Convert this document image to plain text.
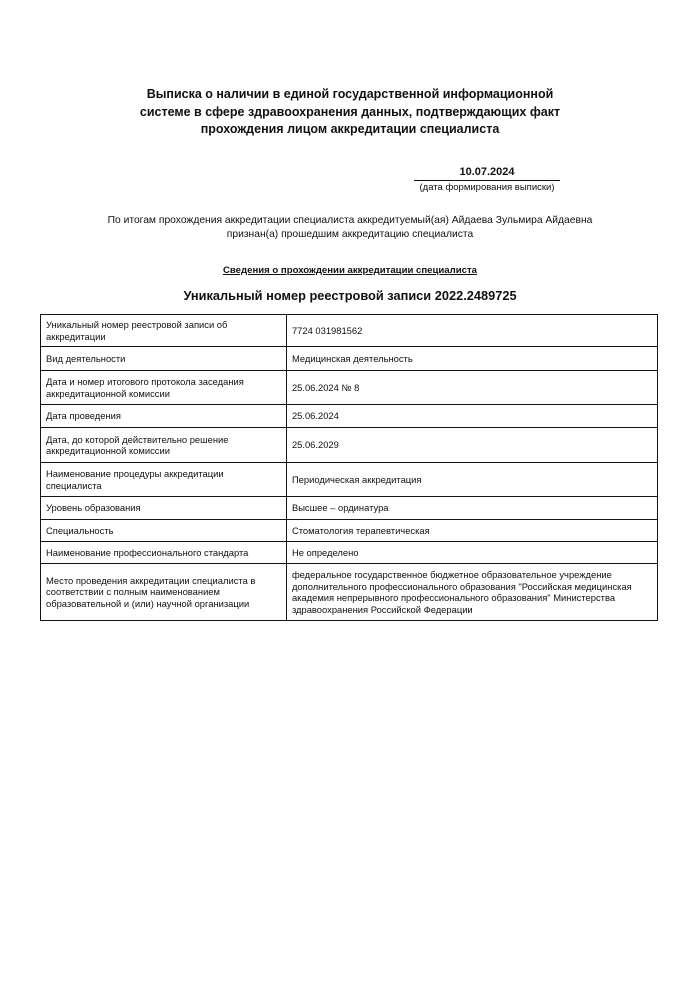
Выписка о наличии в единой государственной информационной
системе в сфере здравоохранения данных, подтверждающих факт
прохождения лицом аккредитации специалиста
10.07.2024
(дата формирования выписки)
По итогам прохождения аккредитации специалиста аккредитуемый(ая) Айдаева Зульмира Айдаевна
признан(а) прошедшим аккредитацию специалиста
Сведения о прохождении аккредитации специалиста
Уникальный номер реестровой записи 2022.2489725
Уникальный номер реестровой записи об аккредитации	7724 031981562
Вид деятельности	Медицинская деятельность
Дата и номер итогового протокола заседания аккредитационной комиссии	25.06.2024 № 8
Дата проведения	25.06.2024
Дата, до которой действительно решение аккредитационной комиссии	25.06.2029
Наименование процедуры аккредитации специалиста	Периодическая аккредитация
Уровень образования	Высшее – ординатура
Специальность	Стоматология терапевтическая
Наименование профессионального стандарта	Не определено
Место проведения аккредитации специалиста в соответствии с полным наименованием образовательной и (или) научной организации	федеральное государственное бюджетное образовательное учреждение дополнительного профессионального образования "Российская медицинская академия непрерывного профессионального образования" Министерства здравоохранения Российской Федерации
